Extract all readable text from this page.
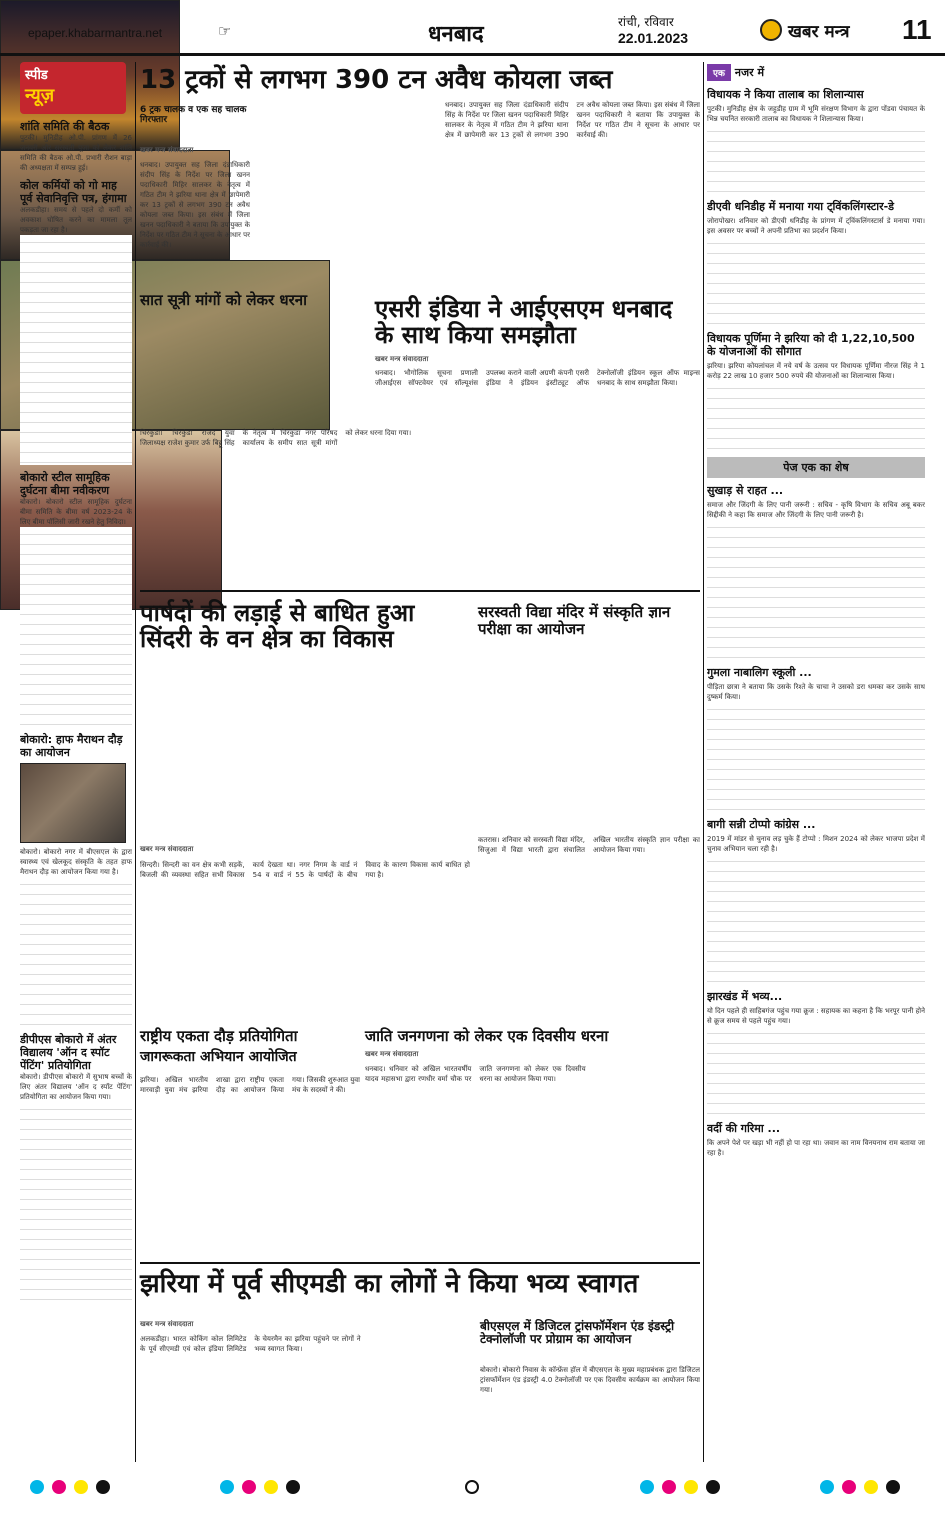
epaper.khabarmantra.net	☞	धनबाद	रांची, रविवार
22.01.2023	खबर मन्त्र 11
स्पीड
न्यूज़
शांति समिति की बैठक
पुटकी। मुनिडीह ओ.पी. प्रांगण में 26 जनवरी और सरस्वती पूजा को लेकर शांति समिति की बैठक ओ.पी. प्रभारी रौशन बाड़ा की अध्यक्षता में सम्पन्न हुई।
कोल कर्मियों को गो माह पूर्व सेवानिवृत्ति पत्र, हंगामा
अलकडीहा। समय से पहले दो कर्मी को अवकाश घोषित करने का मामला तूल पकड़ता जा रहा है।
बोकारो स्टील सामूहिक दुर्घटना बीमा नवीकरण
बोकारो। बोकारो स्टील सामूहिक दुर्घटना बीमा समिति के बीमा वर्ष 2023-24 के लिए बीमा पॉलिसी जारी रखने हेतु निविदा।
बोकारो: हाफ मैराथन दौड़ का आयोजन
बोकारो। बोकारो नगर में बीएसएल के द्वारा स्वास्थ्य एवं खेलकूद संस्कृति के तहत हाफ मैराथन दौड़ का आयोजन किया गया है।
डीपीएस बोकारो में अंतर विद्यालय 'ऑन द स्पॉट पेंटिंग' प्रतियोगिता
बोकारो। डीपीएस बोकारो में सुभाष बच्चों के लिए अंतर विद्यालय 'ऑन द स्पॉट पेंटिंग' प्रतियोगिता का आयोजन किया गया।
13 ट्रकों से लगभग 390 टन अवैध कोयला जब्त
6 ट्रक चालक व एक सह चालक गिरफ्तार
खबर मन्त्र संवाददाता
धनबाद। उपायुक्त सह जिला दंडाधिकारी संदीप सिंह के निर्देश पर जिला खनन पदाधिकारी मिहिर सालकर के नेतृत्व में गठित टीम ने झरिया थाना क्षेत्र में छापेमारी कर 13 ट्रकों से लगभग 390 टन अवैध कोयला जब्त किया। इस संबंध में जिला खनन पदाधिकारी ने बताया कि उपायुक्त के निर्देश पर गठित टीम ने सूचना के आधार पर कार्रवाई की।
धनबाद। उपायुक्त सह जिला दंडाधिकारी संदीप सिंह के निर्देश पर जिला खनन पदाधिकारी मिहिर सालकर के नेतृत्व में गठित टीम ने झरिया थाना क्षेत्र में छापेमारी कर 13 ट्रकों से लगभग 390 टन अवैध कोयला जब्त किया। इस संबंध में जिला खनन पदाधिकारी ने बताया कि उपायुक्त के निर्देश पर गठित टीम ने सूचना के आधार पर कार्रवाई की।
सात सूत्री मांगों को लेकर धरना
चिरकुंडा। चिरकुंडा राजद युवा जिलाध्यक्ष राजेश कुमार उर्फ बिट्टू सिंह के नेतृत्व में चिरकुंडा नगर परिषद कार्यालय के समीप सात सूत्री मांगों को लेकर धरना दिया गया।
एसरी इंडिया ने आईएसएम धनबाद के साथ किया समझौता
खबर मन्त्र संवाददाता
धनबाद। भौगोलिक सूचना प्रणाली जीआईएस सॉफ्टवेयर एवं सॉल्यूशंस उपलब्ध कराने वाली अग्रणी कंपनी एसरी इंडिया ने इंडियन इंस्टीट्यूट ऑफ टेक्नोलॉजी इंडियन स्कूल ऑफ माइन्स धनबाद के साथ समझौता किया।
पार्षदों की लड़ाई से बाधित हुआ सिंदरी के वन क्षेत्र का विकास
खबर मन्त्र संवाददाता
सिन्दरी। सिन्दरी का वन क्षेत्र कभी सड़कें, बिजली की व्यवस्था सहित सभी विकास कार्य देखता था। नगर निगम के वार्ड नं 54 व वार्ड नं 55 के पार्षदों के बीच विवाद के कारण विकास कार्य बाधित हो गया है।
सरस्वती विद्या मंदिर में संस्कृति ज्ञान परीक्षा का आयोजन
कतरास। शनिवार को सरस्वती विद्या मंदिर, सिजुआ में विद्या भारती द्वारा संचालित अखिल भारतीय संस्कृति ज्ञान परीक्षा का आयोजन किया गया।
राष्ट्रीय एकता दौड़ प्रतियोगिता
जागरूकता अभियान आयोजित
झरिया। अखिल भारतीय मारवाड़ी युवा मंच झरिया शाखा द्वारा राष्ट्रीय एकता दौड़ का आयोजन किया गया। जिसकी शुरुआत युवा मंच के सदस्यों ने की।
जाति जनगणना को लेकर एक दिवसीय धरना
खबर मन्त्र संवाददाता
धनबाद। धनिवार को अखिल भारतवर्षीय यादव महासभा द्वारा रणधीर वर्मा चौक पर जाति जनगणना को लेकर एक दिवसीय धरना का आयोजन किया गया।
झरिया में पूर्व सीएमडी का लोगों ने किया भव्य स्वागत
खबर मन्त्र संवाददाता
अलकडीहा। भारत कोकिंग कोल लिमिटेड के पूर्व सीएमडी एवं कोल इंडिया लिमिटेड के चेयरमैन का झरिया पहुंचने पर लोगों ने भव्य स्वागत किया।
बीएसएल में डिजिटल ट्रांसफॉर्मेशन एंड इंडस्ट्री टेक्नोलॉजी पर प्रोग्राम का आयोजन
बोकारो। बोकारो निवास के कॉन्फ्रेंस हॉल में बीएसएल के मुख्य महाप्रबंधक द्वारा डिजिटल ट्रांसफॉर्मेशन एंड इंडस्ट्री 4.0 टेक्नोलॉजी पर एक दिवसीय कार्यक्रम का आयोजन किया गया।
एक नजर में
विधायक ने किया तालाब का शिलान्यास
पुटकी। मुनिडीह क्षेत्र के जहुडीह ग्राम में भूमि संरक्षण विभाग के द्वारा पोंडवा पंचायत के भिन्न चयनित सरकारी तालाब का विधायक ने शिलान्यास किया।
डीएवी धनिडीह में मनाया गया ट्विंकलिंगस्टार-डे
जोरापोखर। शनिवार को डीएवी धनिडीह के प्रांगण में ट्विंकलिंगस्टार्स डे मनाया गया। इस अवसर पर बच्चों ने अपनी प्रतिभा का प्रदर्शन किया।
विधायक पूर्णिमा ने झरिया को दी 1,22,10,500 के योजनाओं की सौगात
झरिया। झरिया कोयलांचल में नये वर्ष के उत्सव पर विधायक पूर्णिमा नीरज सिंह ने 1 करोड़ 22 लाख 10 हजार 500 रुपये की योजनाओं का शिलान्यास किया।
पेज एक का शेष
सुखाड़ से राहत ...
समाज और जिंदगी के लिए पानी जरूरी : सचिव - कृषि विभाग के सचिव अबू बकर सिद्दीकी ने कहा कि समाज और जिंदगी के लिए पानी जरूरी है।
गुमला नाबालिग स्कूली ...
पीड़िता छात्रा ने बताया कि उसके रिश्ते के चाचा ने उसको डरा धमका कर उसके साथ दुष्कर्म किया।
बागी सन्नी टोप्पो कांग्रेस ...
2019 में मांडर से चुनाव लड़ चुके हैं टोप्पो : मिशन 2024 को लेकर भाजपा प्रदेश में चुनाव अभियान चला रही है।
झारखंड में भव्य...
यो दिन पहले ही साहिबगंज पहुंच गया क्रूज : सहायक का कहना है कि भरपूर पानी होने से क्रूज समय से पहले पहुंच गया।
वर्दी की गरिमा ...
कि अपने पेशे पर खड़ा भी नहीं हो पा रहा था। जवान का नाम विनयनाथ राम बताया जा रहा है।
